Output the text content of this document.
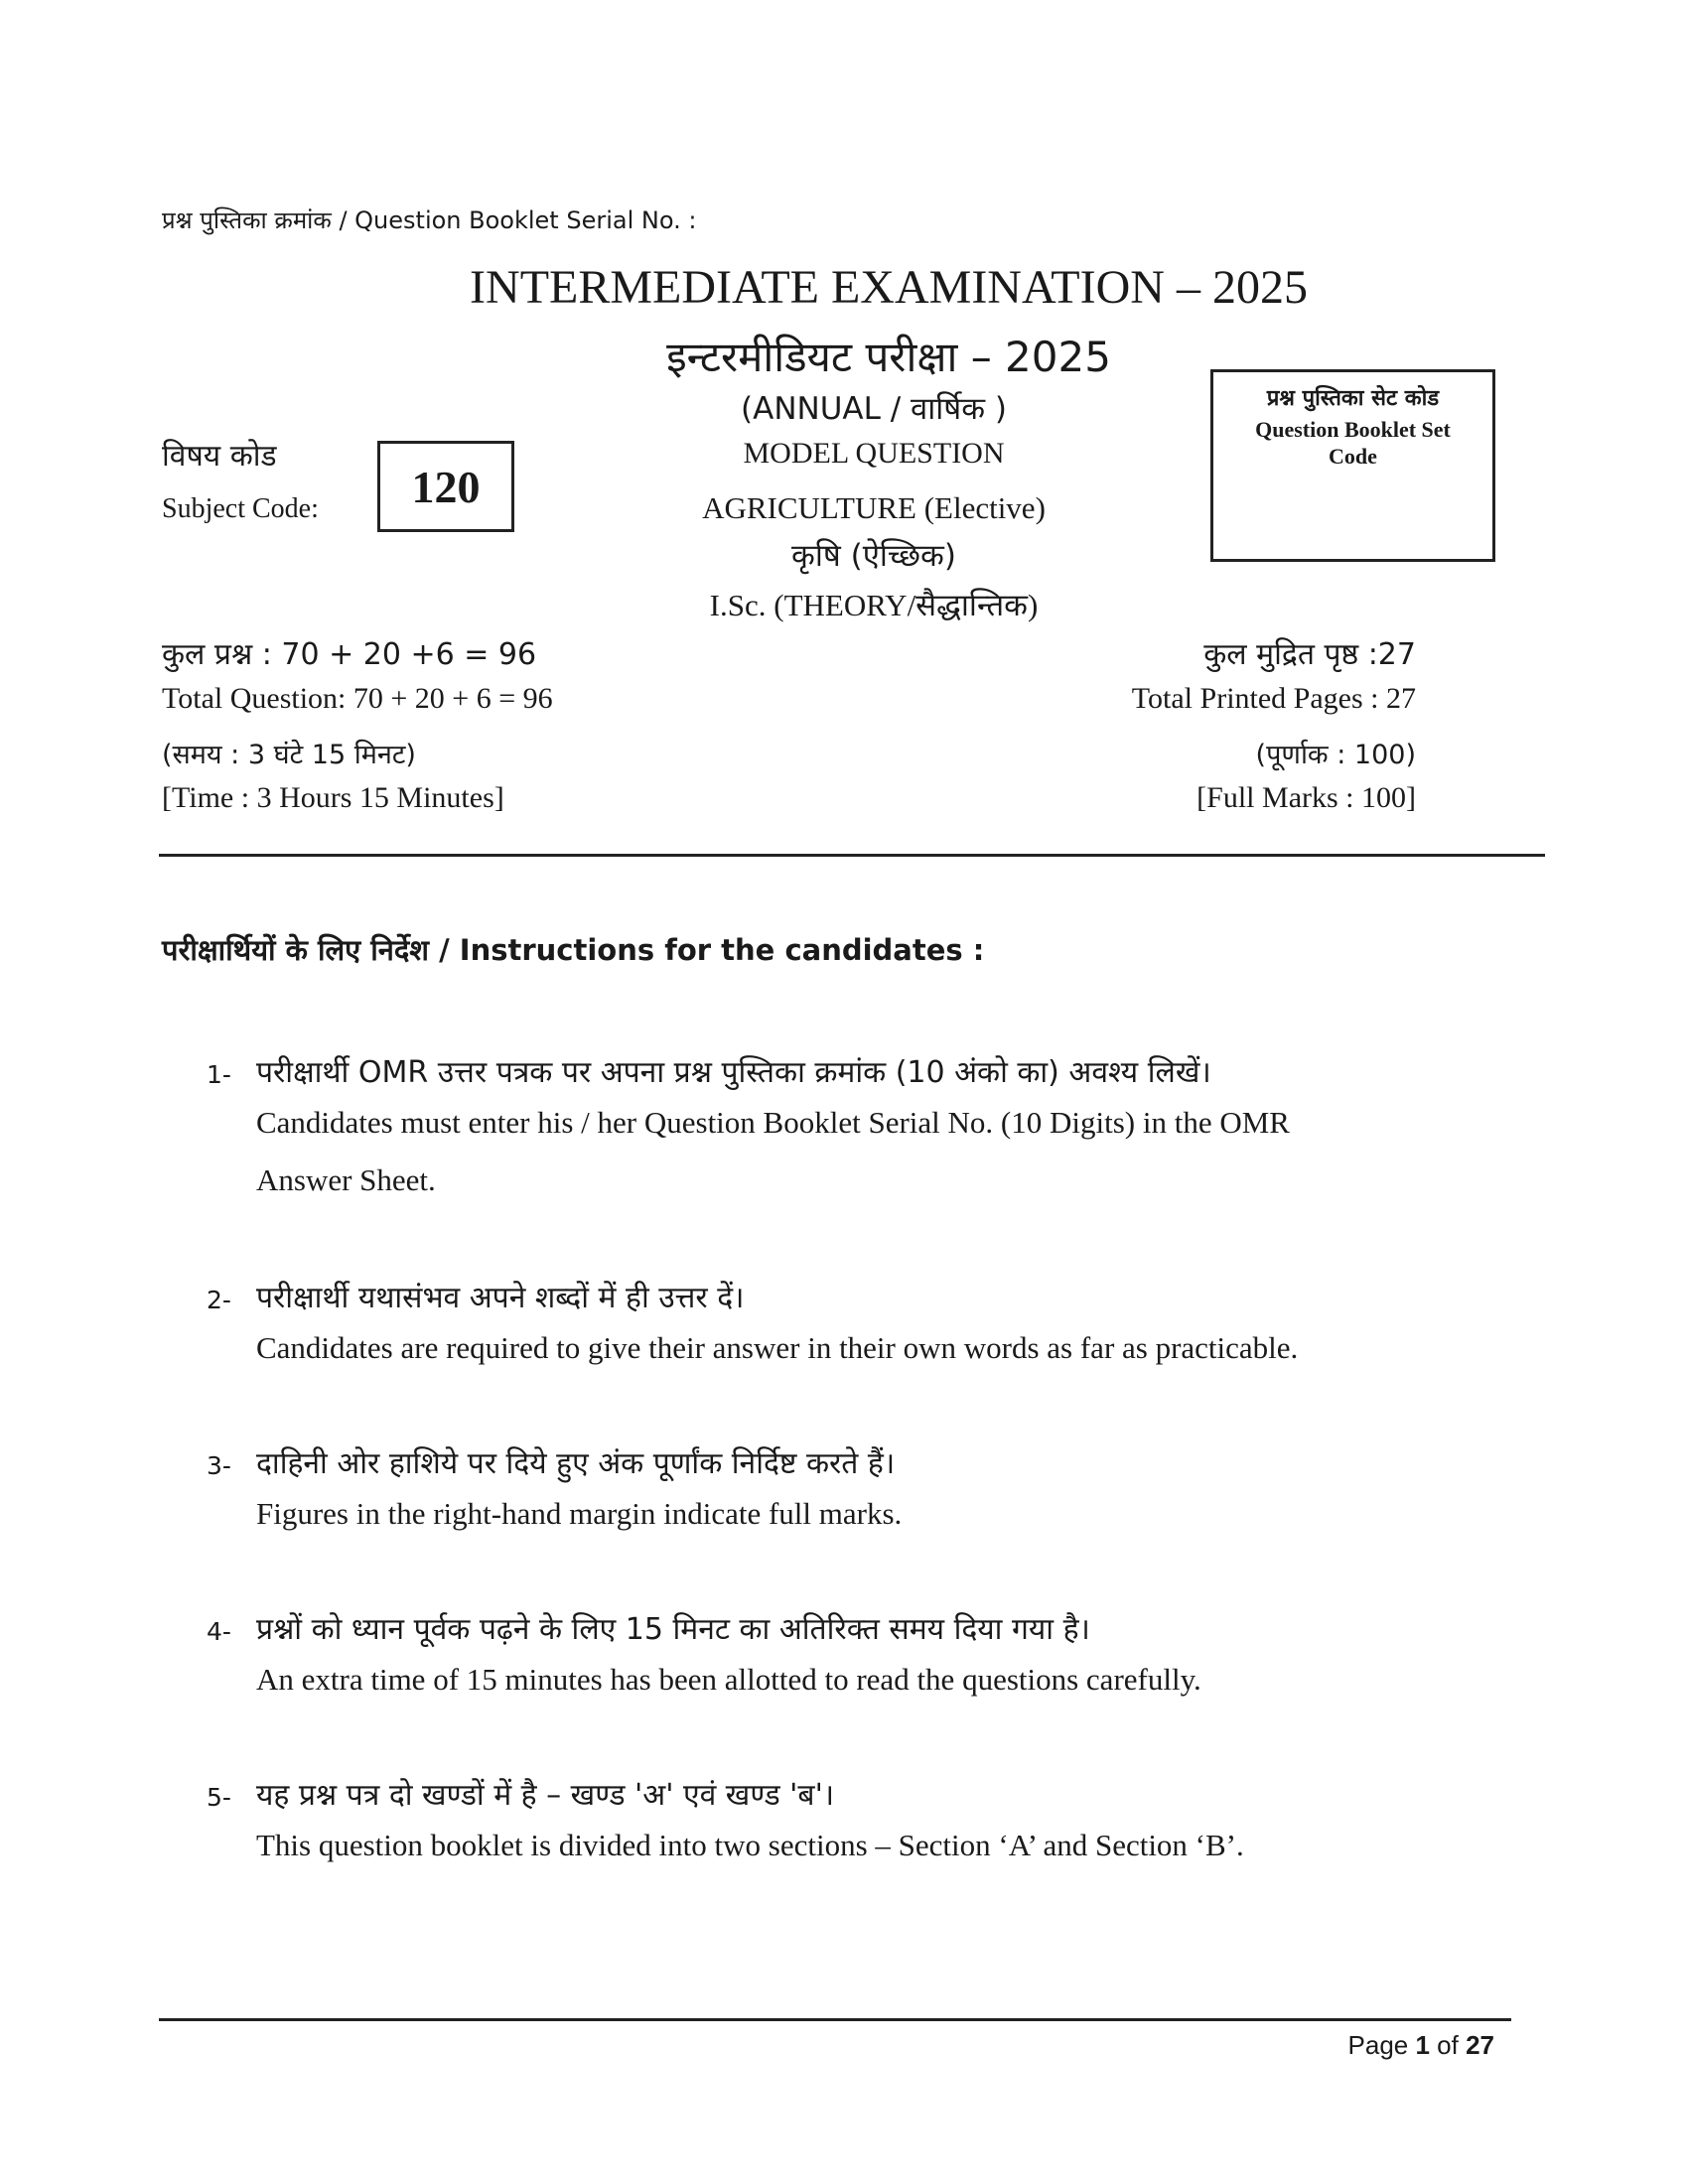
प्रश्न पुस्तिका क्रमांक / Question Booklet Serial No. :
INTERMEDIATE EXAMINATION – 2025
इन्टरमीडियट परीक्षा – 2025
(ANNUAL / वार्षिक )
MODEL QUESTION
AGRICULTURE (Elective)
कृषि (ऐच्छिक)
I.Sc. (THEORY/सैद्धान्तिक)
विषय कोड
Subject Code: 120
प्रश्न पुस्तिका सेट कोड
Question Booklet Set Code
कुल प्रश्न : 70 + 20 +6 = 96
Total Question: 70 + 20 + 6 = 96
(समय : 3 घंटे 15 मिनट)
[Time : 3 Hours 15 Minutes]
कुल मुद्रित पृष्ठ :27
Total Printed Pages : 27
(पूर्णाक : 100)
[Full Marks : 100]
परीक्षार्थियों के लिए निर्देश / Instructions for the candidates :
1- परीक्षार्थी OMR उत्तर पत्रक पर अपना प्रश्न पुस्तिका क्रमांक (10 अंको का) अवश्य लिखें।
Candidates must enter his / her Question Booklet Serial No. (10 Digits) in the OMR
Answer Sheet.
2- परीक्षार्थी यथासंभव अपने शब्दों में ही उत्तर दें।
Candidates are required to give their answer in their own words as far as practicable.
3- दाहिनी ओर हाशिये पर दिये हुए अंक पूर्णांक निर्दिष्ट करते हैं।
Figures in the right-hand margin indicate full marks.
4- प्रश्नों को ध्यान पूर्वक पढ़ने के लिए 15 मिनट का अतिरिक्त समय दिया गया है।
An extra time of 15 minutes has been allotted to read the questions carefully.
5- यह प्रश्न पत्र दो खण्डों में है – खण्ड 'अ' एवं खण्ड 'ब'।
This question booklet is divided into two sections – Section ‘A’ and Section ‘B’.
Page 1 of 27
